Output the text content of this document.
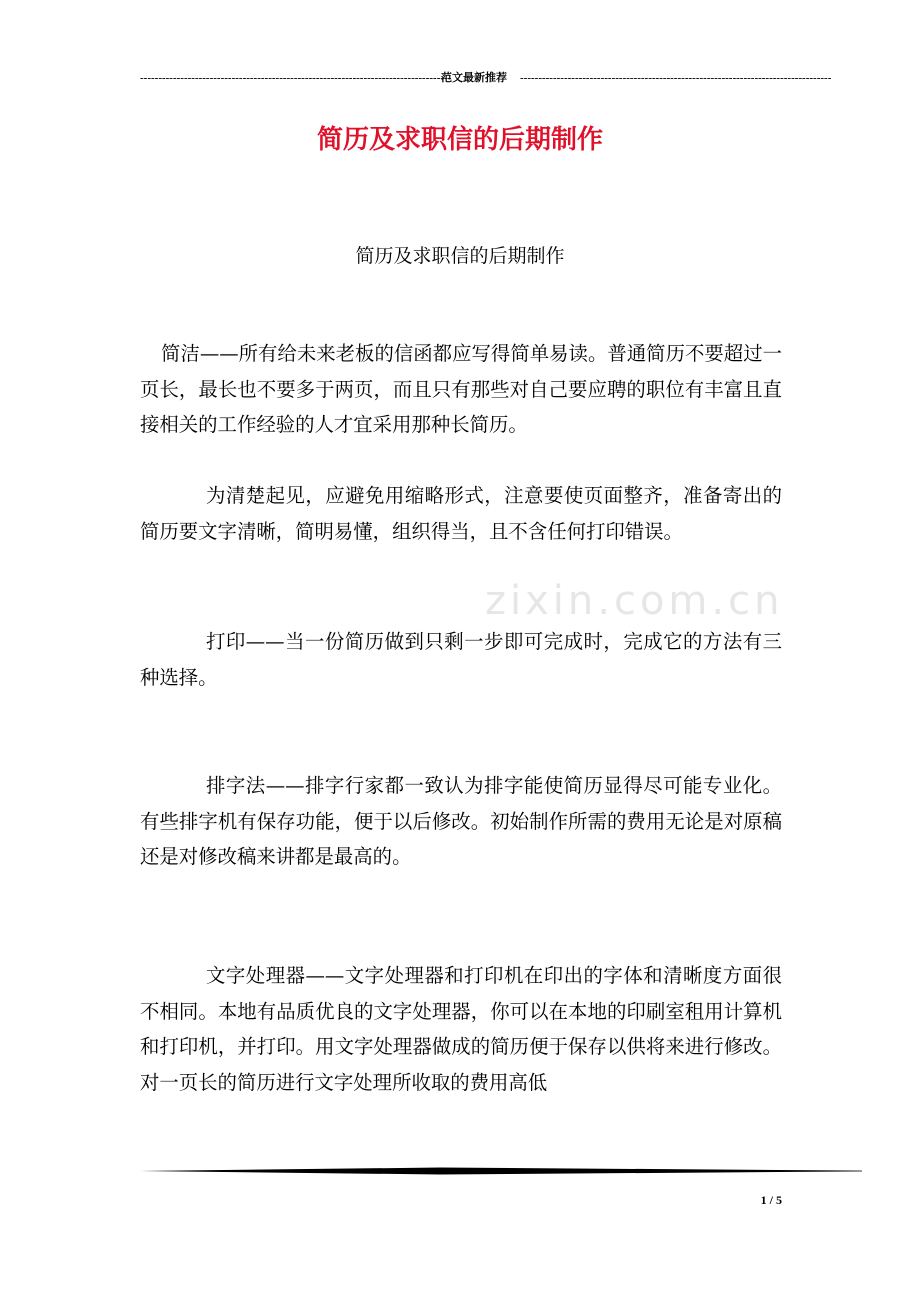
-------------------------------------------------------------------------------------
范文最新推荐	-------------------------------------------------------------------------------------
简历及求职信的后期制作
简历及求职信的后期制作
zixin.com.cn
简洁——所有给未来老板的信函都应写得简单易读。普通简历不要超过一页长，最长也不要多于两页，而且只有那些对自己要应聘的职位有丰富且直接相关的工作经验的人才宜采用那种长简历。
为清楚起见，应避免用缩略形式，注意要使页面整齐，准备寄出的简历要文字清晰，简明易懂，组织得当，且不含任何打印错误。
打印——当一份简历做到只剩一步即可完成时，完成它的方法有三种选择。
排字法——排字行家都一致认为排字能使简历显得尽可能专业化。有些排字机有保存功能，便于以后修改。初始制作所需的费用无论是对原稿还是对修改稿来讲都是最高的。
文字处理器——文字处理器和打印机在印出的字体和清晰度方面很不相同。本地有品质优良的文字处理器，你可以在本地的印刷室租用计算机和打印机，并打印。用文字处理器做成的简历便于保存以供将来进行修改。对一页长的简历进行文字处理所收取的费用高低
1 / 5
